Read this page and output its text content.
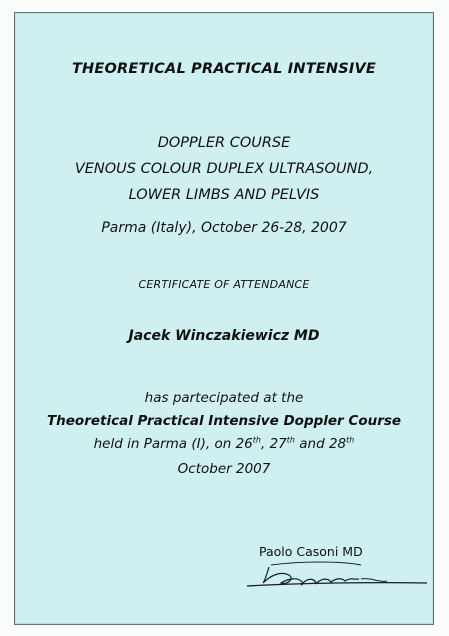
THEORETICAL PRACTICAL INTENSIVE
DOPPLER COURSE
VENOUS COLOUR DUPLEX ULTRASOUND,
LOWER LIMBS AND PELVIS
Parma (Italy), October 26-28, 2007
CERTIFICATE OF ATTENDANCE
Jacek Winczakiewicz MD
has partecipated at the
Theoretical Practical Intensive Doppler Course
held in Parma (I), on 26th, 27th and 28th
October 2007
Paolo Casoni MD
